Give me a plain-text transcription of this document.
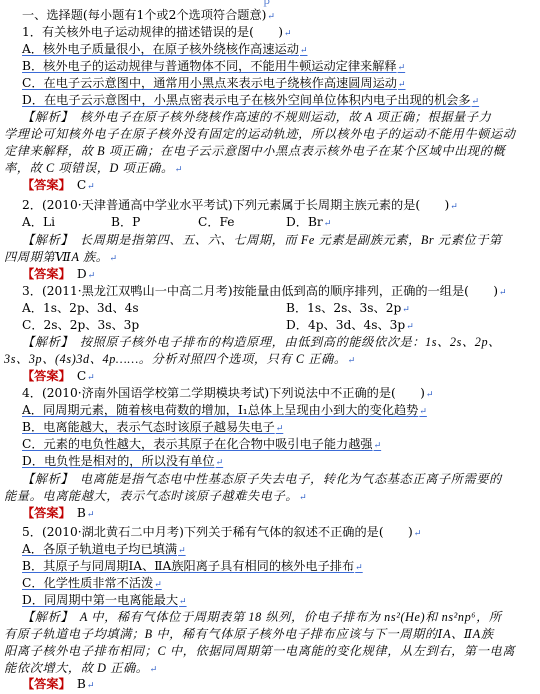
ｐ
一、选择题(每小题有1个或2个选项符合题意)↵
1．有关核外电子运动规律的描述错误的是(　　)↵
A．核外电子质量很小，在原子核外绕核作高速运动↵
B．核外电子的运动规律与普通物体不同，不能用牛顿运动定律来解释↵
C．在电子云示意图中，通常用小黑点来表示电子绕核作高速圆周运动↵
D．在电子云示意图中，小黑点密表示电子在核外空间单位体积内电子出现的机会多↵
【解析】　核外电子在原子核外绕核作高速的不规则运动，故 A 项正确；根据量子力
学理论可知核外电子在原子核外没有固定的运动轨迹，所以核外电子的运动不能用牛顿运动
定律来解释，故 B 项正确；在电子云示意图中小黑点表示核外电子在某个区域中出现的概
率，故 C 项错误，D 项正确。↵
【答案】　 C↵
2．(2010·天津普通高中学业水平考试)下列元素属于长周期主族元素的是(　　)↵
A．Li	B．P	C．Fe	D．Br↵
【解析】　长周期是指第四、五、六、七周期，而 Fe 元素是副族元素，Br 元素位于第
四周期第ⅦA 族。↵
【答案】　 D↵
3．(2011·黑龙江双鸭山一中高二月考)按能量由低到高的顺序排列，正确的一组是(　　)↵
A．1s、2p、3d、4s	B．1s、2s、3s、2p↵
C．2s、2p、3s、3p	D．4p、3d、4s、3p↵
【解析】　按照原子核外电子排布的构造原理，由低到高的能级依次是：1s、2s、2p、
3s、3p、(4s)3d、4p……。分析对照四个选项，只有 C 正确。↵
【答案】　 C↵
4．(2010·济南外国语学校第二学期模块考试)下列说法中不正确的是(　　)↵
A．同周期元素，随着核电荷数的增加，I₁总体上呈现由小到大的变化趋势↵
B．电离能越大，表示气态时该原子越易失电子↵
C．元素的电负性越大，表示其原子在化合物中吸引电子能力越强↵
D．电负性是相对的，所以没有单位↵
【解析】　电离能是指气态电中性基态原子失去电子，转化为气态基态正离子所需要的
能量。电离能越大，表示气态时该原子越难失电子。↵
【答案】　 B↵
5．(2010·湖北黄石二中月考)下列关于稀有气体的叙述不正确的是(　　)↵
A．各原子轨道电子均已填满↵
B．其原子与同周期ⅠA、ⅡA族阳离子具有相同的核外电子排布↵
C．化学性质非常不活泼↵
D．同周期中第一电离能最大↵
【解析】　A 中，稀有气体位于周期表第 18 纵列，价电子排布为 ns²(He)和 ns²np⁶，所
有原子轨道电子均填满；B 中，稀有气体原子核外电子排布应该与下一周期的ⅠA、ⅡA族
阳离子核外电子排布相同；C 中，依据同周期第一电离能的变化规律，从左到右，第一电离
能依次增大，故 D 正确。↵
【答案】　 B↵
